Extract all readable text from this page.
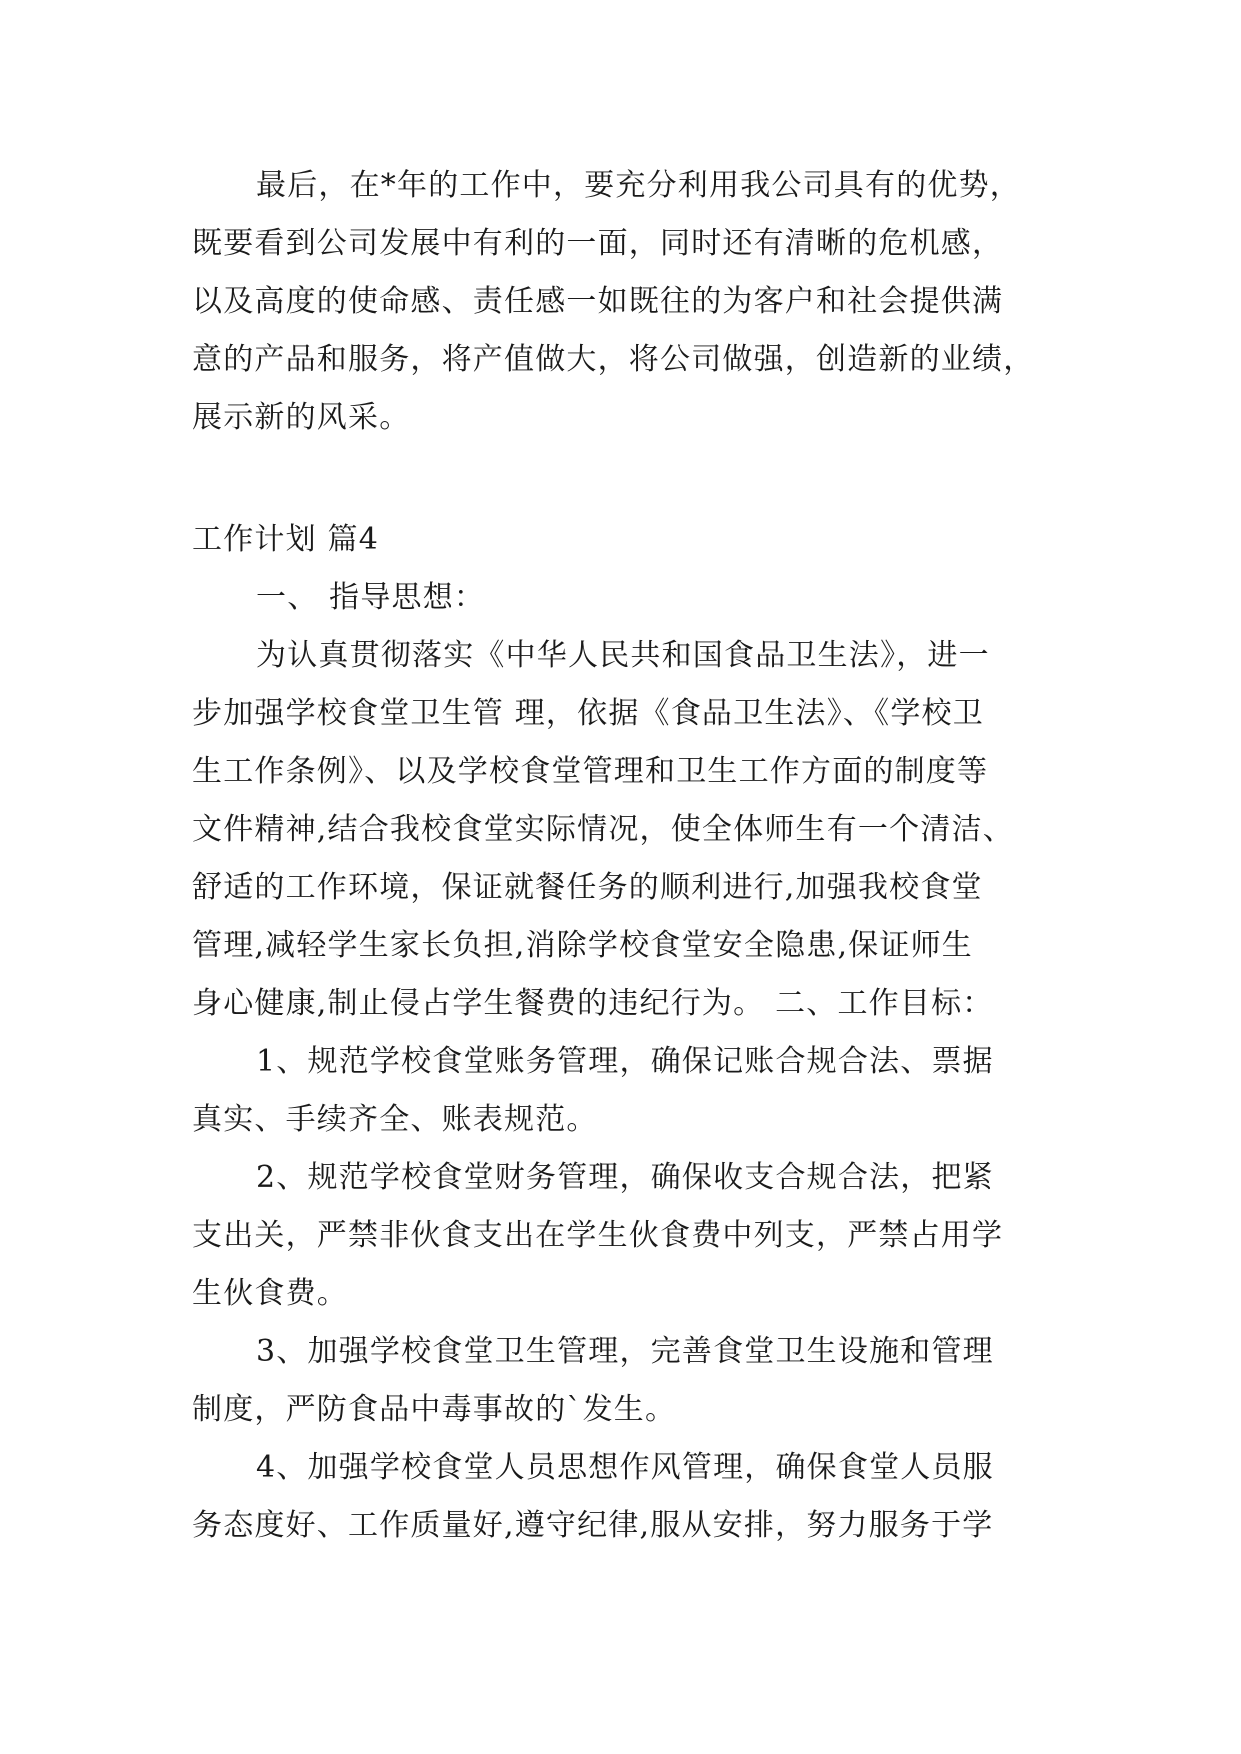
最后，在*年的工作中，要充分利用我公司具有的优势，
既要看到公司发展中有利的一面，同时还有清晰的危机感，
以及高度的使命感、责任感一如既往的为客户和社会提供满
意的产品和服务，将产值做大，将公司做强，创造新的业绩，
展示新的风采。
工作计划 篇4
一、 指导思想：
为认真贯彻落实《中华人民共和国食品卫生法》，进一
步加强学校食堂卫生管 理，依据《食品卫生法》、《学校卫
生工作条例》、以及学校食堂管理和卫生工作方面的制度等
文件精神,结合我校食堂实际情况，使全体师生有一个清洁、
舒适的工作环境，保证就餐任务的顺利进行,加强我校食堂
管理,减轻学生家长负担,消除学校食堂安全隐患,保证师生
身心健康,制止侵占学生餐费的违纪行为。 二、工作目标：
1、规范学校食堂账务管理，确保记账合规合法、票据
真实、手续齐全、账表规范。
2、规范学校食堂财务管理，确保收支合规合法，把紧
支出关，严禁非伙食支出在学生伙食费中列支，严禁占用学
生伙食费。
3、加强学校食堂卫生管理，完善食堂卫生设施和管理
制度，严防食品中毒事故的`发生。
4、加强学校食堂人员思想作风管理，确保食堂人员服
务态度好、工作质量好,遵守纪律,服从安排，努力服务于学
